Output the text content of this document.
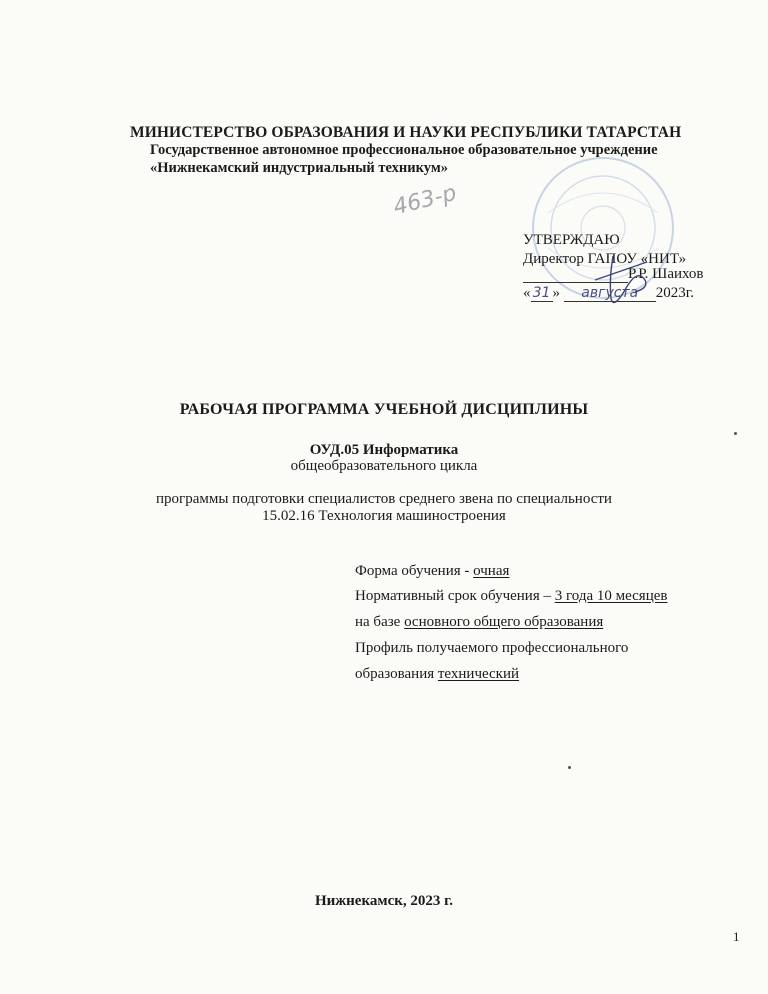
МИНИСТЕРСТВО ОБРАЗОВАНИЯ И НАУКИ РЕСПУБЛИКИ ТАТАРСТАН
Государственное автономное профессиональное образовательное учреждение
«Нижнекамский индустриальный техникум»
463-р
УТВЕРЖДАЮ
Директор ГАПОУ «НИТ»
Р.Р. Шаихов
« 31 » августа 2023г.
РАБОЧАЯ ПРОГРАММА УЧЕБНОЙ ДИСЦИПЛИНЫ
ОУД.05 Информатика
общеобразовательного цикла
программы подготовки специалистов среднего звена по специальности
15.02.16 Технология машиностроения
Форма обучения - очная
Нормативный срок обучения – 3 года 10 месяцев
на базе основного общего образования
Профиль получаемого профессионального
образования технический
Нижнекамск, 2023 г.
1
